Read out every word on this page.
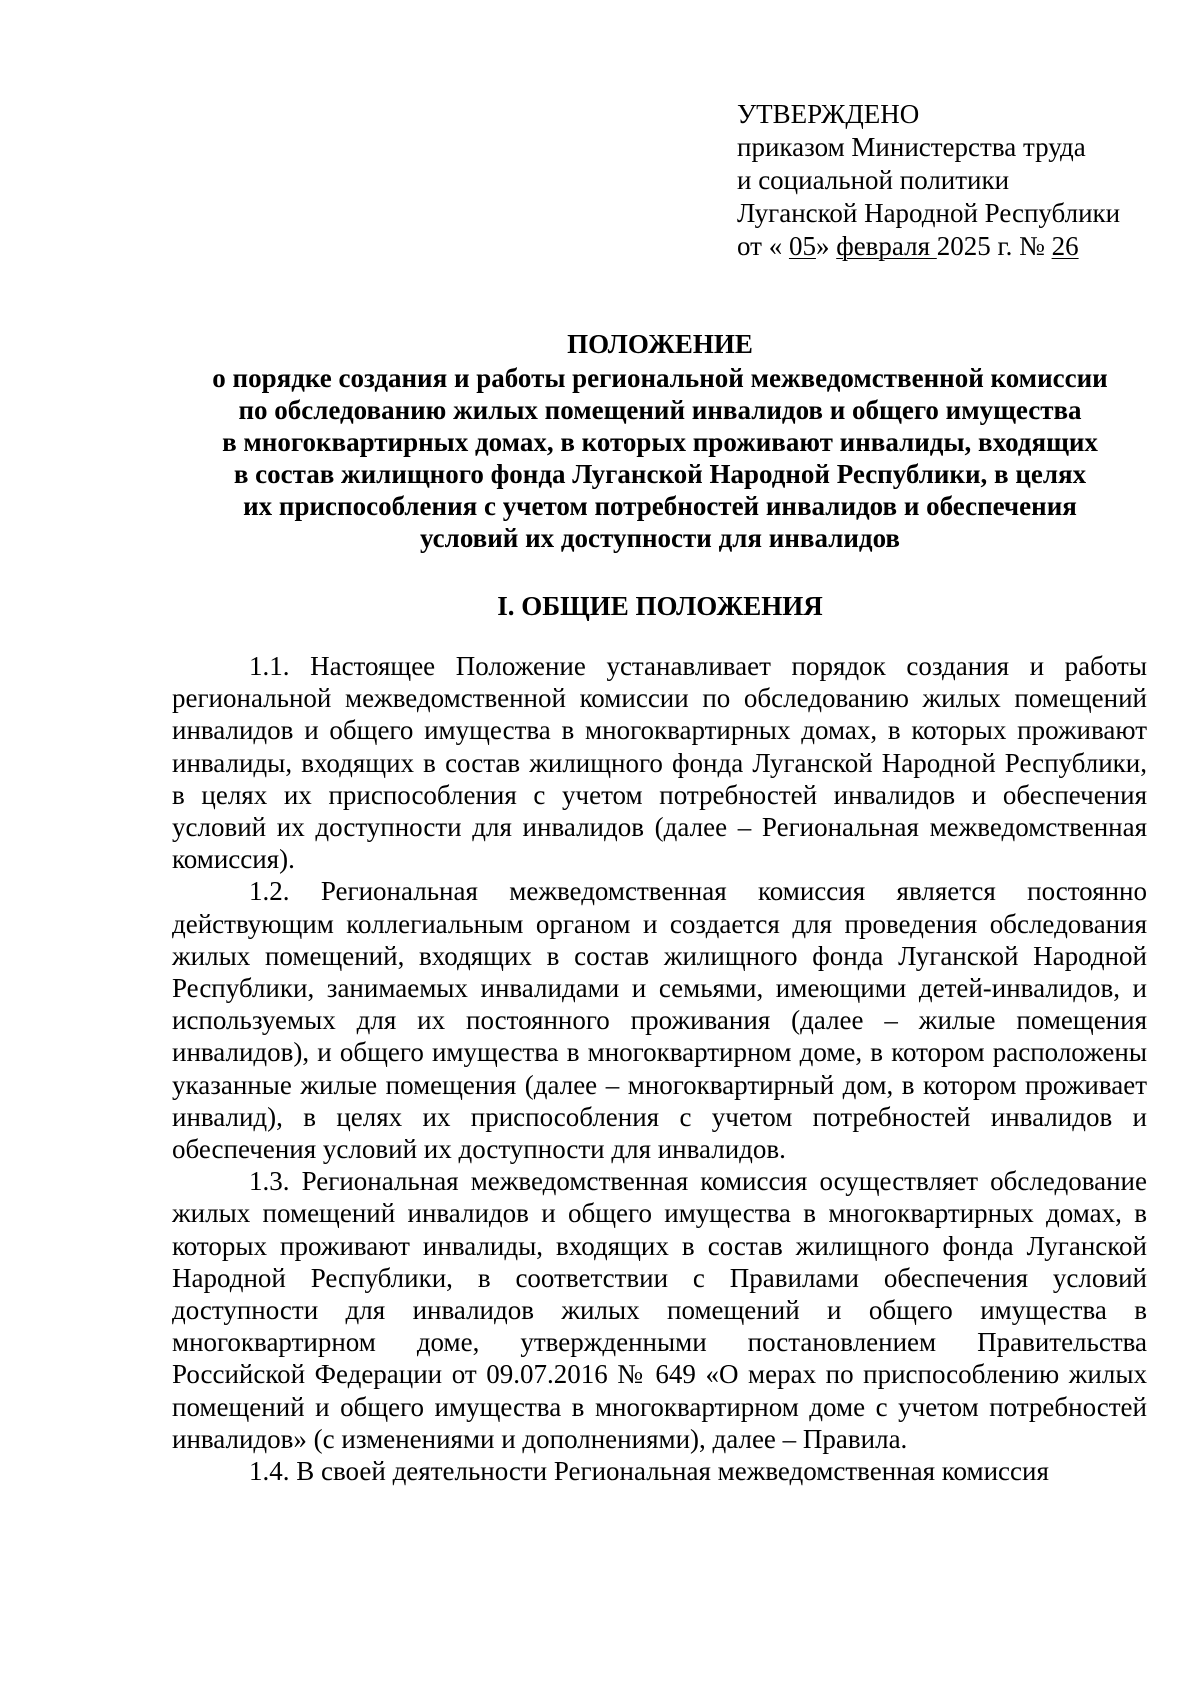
УТВЕРЖДЕНО
приказом Министерства труда
и социальной политики
Луганской Народной Республики
от « 05» февраля 2025 г. № 26
ПОЛОЖЕНИЕ
о порядке создания и работы региональной межведомственной комиссии
по обследованию жилых помещений инвалидов и общего имущества
в многоквартирных домах, в которых проживают инвалиды, входящих
в состав жилищного фонда Луганской Народной Республики, в целях
их приспособления с учетом потребностей инвалидов и обеспечения
условий их доступности для инвалидов
I. ОБЩИЕ ПОЛОЖЕНИЯ

1.1. Настоящее Положение устанавливает порядок создания и работы региональной межведомственной комиссии по обследованию жилых помещений инвалидов и общего имущества в многоквартирных домах, в которых проживают инвалиды, входящих в состав жилищного фонда Луганской Народной Республики, в целях их приспособления с учетом потребностей инвалидов и обеспечения условий их доступности для инвалидов (далее – Региональная межведомственная комиссия).

1.2. Региональная межведомственная комиссия является постоянно действующим коллегиальным органом и создается для проведения обследования жилых помещений, входящих в состав жилищного фонда Луганской Народной Республики, занимаемых инвалидами и семьями, имеющими детей-инвалидов, и используемых для их постоянного проживания (далее – жилые помещения инвалидов), и общего имущества в многоквартирном доме, в котором расположены указанные жилые помещения (далее – многоквартирный дом, в котором проживает инвалид), в целях их приспособления с учетом потребностей инвалидов и обеспечения условий их доступности для инвалидов.

1.3. Региональная межведомственная комиссия осуществляет обследование жилых помещений инвалидов и общего имущества в многоквартирных домах, в которых проживают инвалиды, входящих в состав жилищного фонда Луганской Народной Республики, в соответствии с Правилами обеспечения условий доступности для инвалидов жилых помещений и общего имущества в многоквартирном доме, утвержденными постановлением Правительства Российской Федерации от 09.07.2016 № 649 «О мерах по приспособлению жилых помещений и общего имущества в многоквартирном доме с учетом потребностей инвалидов» (с изменениями и дополнениями), далее – Правила.

1.4. В своей деятельности Региональная межведомственная комиссия
